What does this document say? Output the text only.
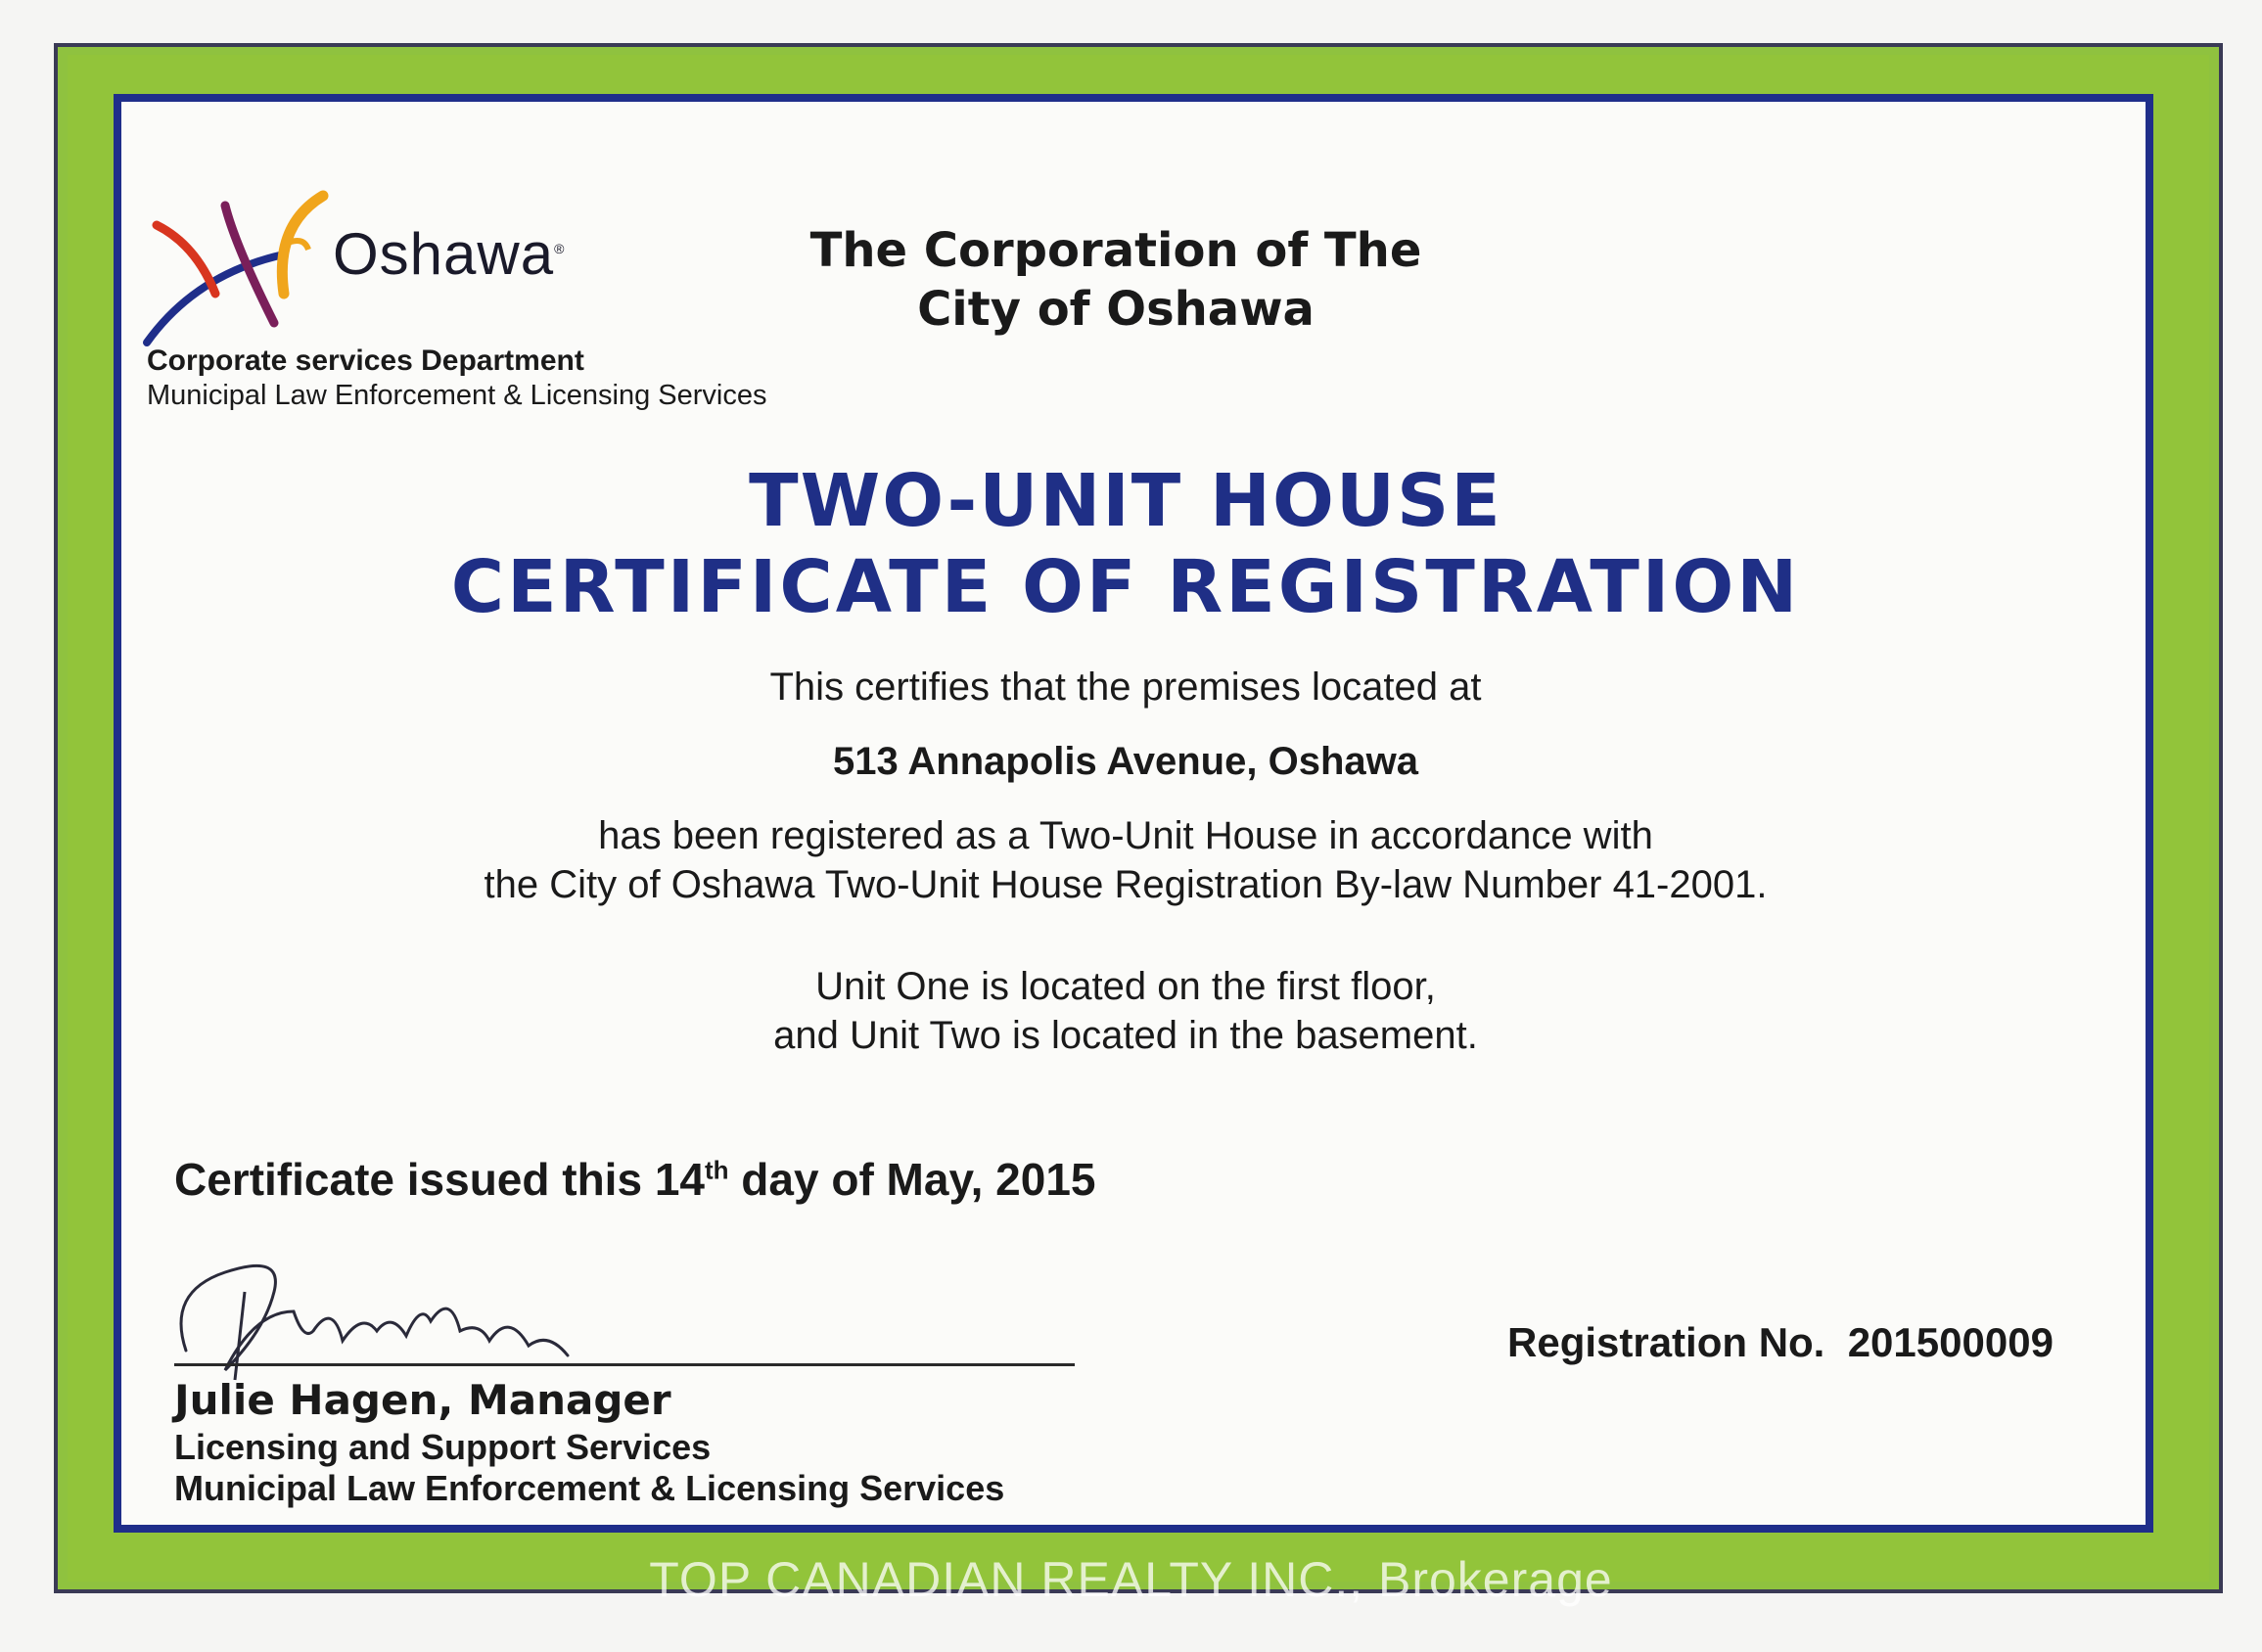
Oshawa®
Corporate services Department
Municipal Law Enforcement & Licensing Services
The Corporation of The
City of Oshawa
TWO-UNIT HOUSE
CERTIFICATE OF REGISTRATION
This certifies that the premises located at
513 Annapolis Avenue, Oshawa
has been registered as a Two-Unit House in accordance with
the City of Oshawa Two-Unit House Registration By-law Number 41-2001.
Unit One is located on the first floor,
and Unit Two is located in the basement.
Certificate issued this 14th day of May, 2015
Julie Hagen, Manager
Licensing and Support Services
Municipal Law Enforcement & Licensing Services
Registration No. 201500009
TOP CANADIAN REALTY INC., Brokerage
